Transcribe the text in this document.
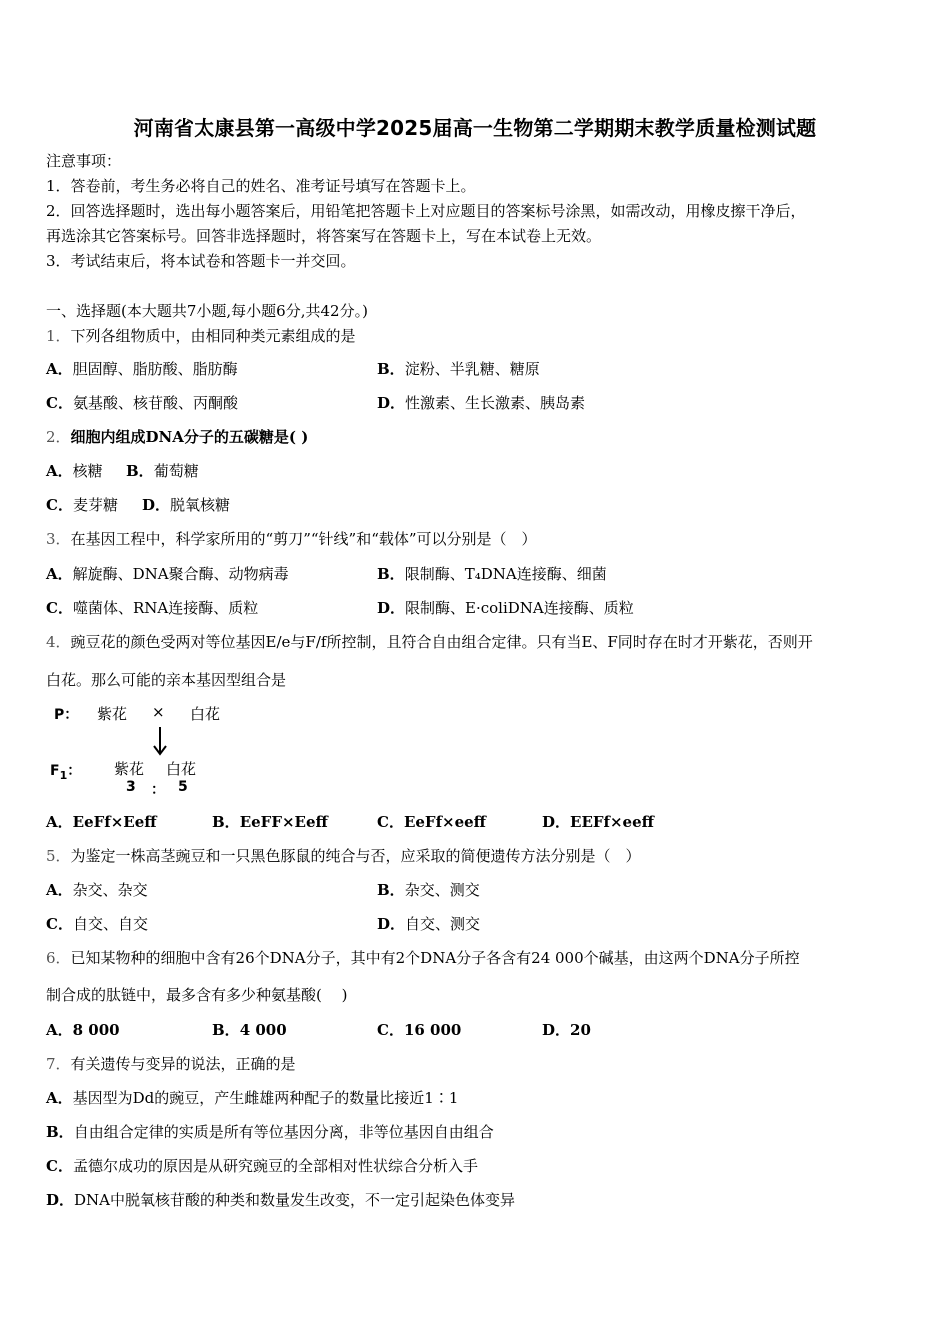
河南省太康县第一高级中学2025届高一生物第二学期期末教学质量检测试题
注意事项：
1．答卷前，考生务必将自己的姓名、准考证号填写在答题卡上。
2．回答选择题时，选出每小题答案后，用铅笔把答题卡上对应题目的答案标号涂黑，如需改动，用橡皮擦干净后，
再选涂其它答案标号。回答非选择题时，将答案写在答题卡上，写在本试卷上无效。
3．考试结束后，将本试卷和答题卡一并交回。
一、选择题(本大题共7小题,每小题6分,共42分。)
1．下列各组物质中，由相同种类元素组成的是
A．胆固醇、脂肪酸、脂肪酶	B．淀粉、半乳糖、糖原
C．氨基酸、核苷酸、丙酮酸	D．性激素、生长激素、胰岛素
2．细胞内组成DNA分子的五碳糖是( )
A．核糖 B．葡萄糖
C．麦芽糖 D．脱氧核糖
3．在基因工程中，科学家所用的“剪刀”“针线”和“载体”可以分别是（　）
A．解旋酶、DNA聚合酶、动物病毒	B．限制酶、T₄DNA连接酶、细菌
C．噬菌体、RNA连接酶、质粒	D．限制酶、E·coliDNA连接酶、质粒
4．豌豆花的颜色受两对等位基因E/e与F/f所控制，且符合自由组合定律。只有当E、F同时存在时才开紫花，否则开
白花。那么可能的亲本基因型组合是
P： 紫花 × 白花
$F_1$： 紫花 白花
3 ： 5
A．EeFf×Eeff	B．EeFF×Eeff	C．EeFf×eeff	D．EEFf×eeff
5．为鉴定一株高茎豌豆和一只黑色豚鼠的纯合与否，应采取的简便遗传方法分别是（　）
A．杂交、杂交	B．杂交、测交
C．自交、自交	D．自交、测交
6．已知某物种的细胞中含有26个DNA分子，其中有2个DNA分子各含有24 000个碱基，由这两个DNA分子所控
制合成的肽链中，最多含有多少种氨基酸(　 )
A．8 000	B．4 000	C．16 000	D．20
7．有关遗传与变异的说法，正确的是
A．基因型为Dd的豌豆，产生雌雄两种配子的数量比接近1∶1
B．自由组合定律的实质是所有等位基因分离，非等位基因自由组合
C．孟德尔成功的原因是从研究豌豆的全部相对性状综合分析入手
D．DNA中脱氧核苷酸的种类和数量发生改变，不一定引起染色体变异
